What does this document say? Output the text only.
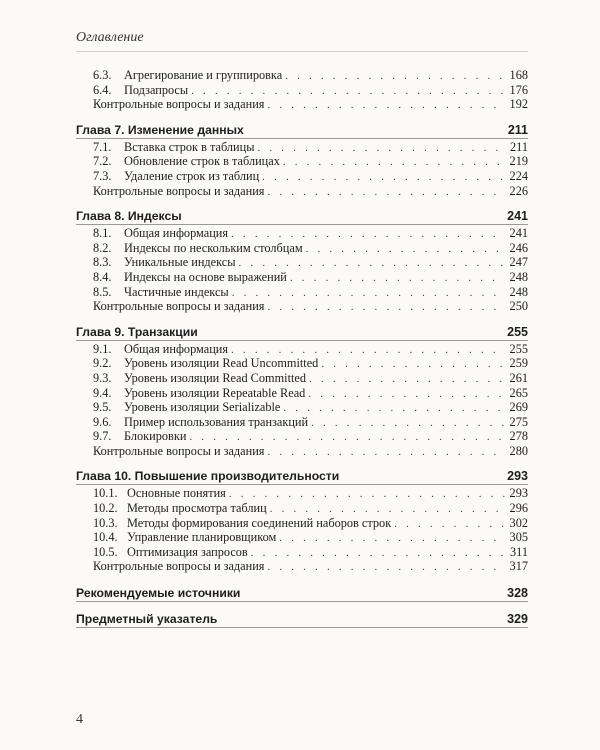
Оглавление
6.3.	Агрегирование и группировка . . .	168
6.4.	Подзапросы . . .	176
Контрольные вопросы и задания . . .	192
Глава 7. Изменение данных	211
7.1.	Вставка строк в таблицы . . .	211
7.2.	Обновление строк в таблицах . . .	219
7.3.	Удаление строк из таблиц . . .	224
Контрольные вопросы и задания . . .	226
Глава 8. Индексы	241
8.1.	Общая информация . . .	241
8.2.	Индексы по нескольким столбцам . . .	246
8.3.	Уникальные индексы . . .	247
8.4.	Индексы на основе выражений . . .	248
8.5.	Частичные индексы . . .	248
Контрольные вопросы и задания . . .	250
Глава 9. Транзакции	255
9.1.	Общая информация . . .	255
9.2.	Уровень изоляции Read Uncommitted . . .	259
9.3.	Уровень изоляции Read Committed . . .	261
9.4.	Уровень изоляции Repeatable Read . . .	265
9.5.	Уровень изоляции Serializable . . .	269
9.6.	Пример использования транзакций . . .	275
9.7.	Блокировки . . .	278
Контрольные вопросы и задания . . .	280
Глава 10. Повышение производительности	293
10.1. Основные понятия . . .	293
10.2. Методы просмотра таблиц . . .	296
10.3. Методы формирования соединений наборов строк . . .	302
10.4. Управление планировщиком . . .	305
10.5. Оптимизация запросов . . .	311
Контрольные вопросы и задания . . .	317
Рекомендуемые источники	328
Предметный указатель	329
4
